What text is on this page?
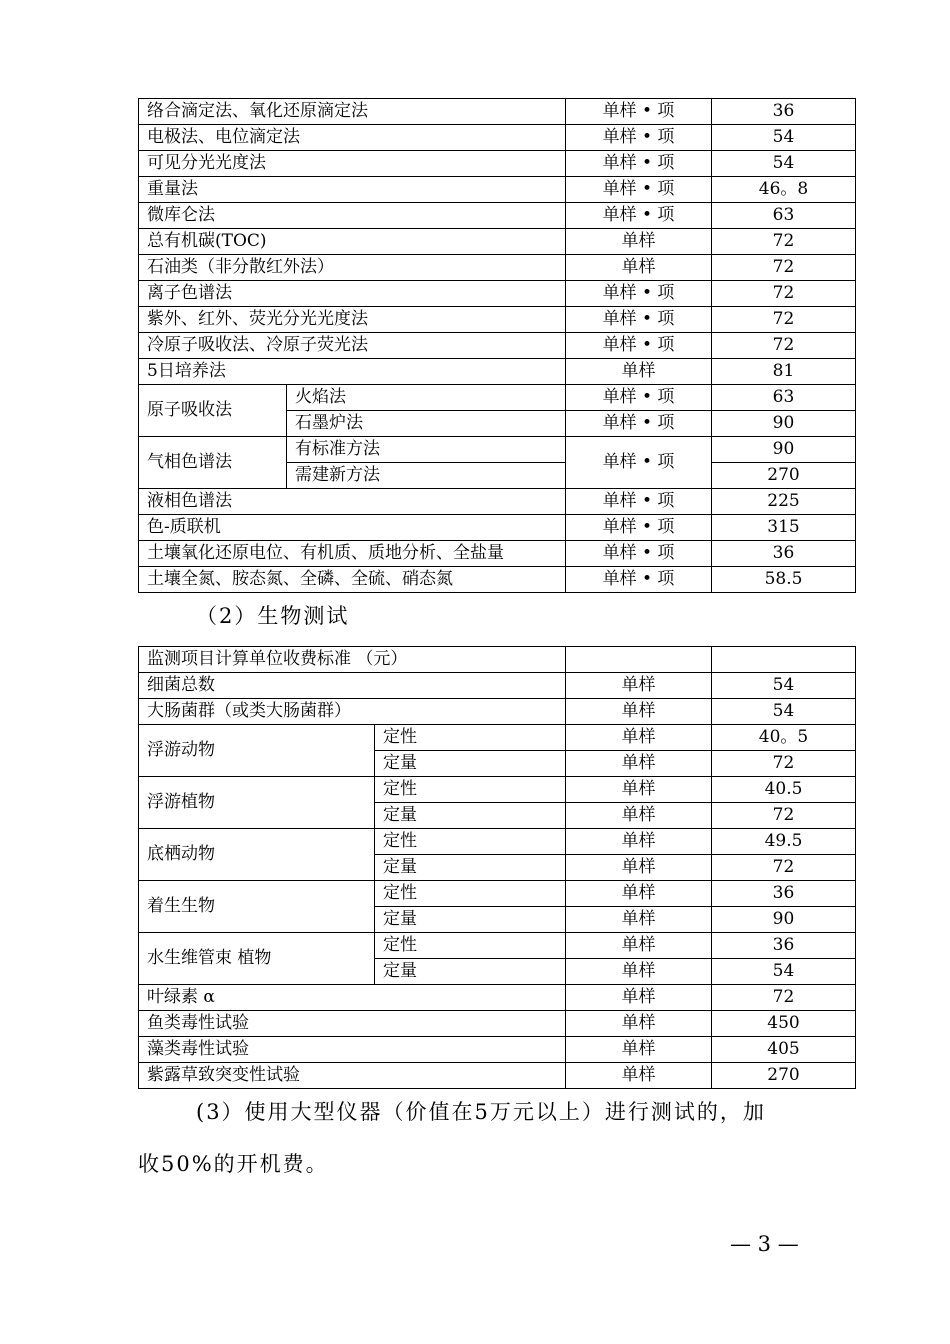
络合滴定法、氧化还原滴定法		单样 • 项	36
电极法、电位滴定法		单样 • 项	54
可见分光光度法		单样 • 项	54
重量法		单样 • 项	46。8
微库仑法		单样 • 项	63
总有机碳(TOC)		单样	72
石油类（非分散红外法）		单样	72
离子色谱法		单样 • 项	72
紫外、红外、荧光分光光度法		单样 • 项	72
冷原子吸收法、冷原子荧光法		单样 • 项	72
5日培养法		单样	81
原子吸收法	火焰法	单样 • 项	63
	石墨炉法	单样 • 项	90
气相色谱法	有标准方法	单样 • 项	90
	需建新方法		270
液相色谱法		单样 • 项	225
色-质联机		单样 • 项	315
土壤氧化还原电位、有机质、质地分析、全盐量		单样 • 项	36
土壤全氮、胺态氮、全磷、全硫、硝态氮		单样 • 项	58.5
（2）生物测试
监测项目计算单位收费标准 （元）			
细菌总数		单样	54
大肠菌群（或类大肠菌群）		单样	54
浮游动物	定性	单样	40。5
	定量	单样	72
浮游植物	定性	单样	40.5
	定量	单样	72
底栖动物	定性	单样	49.5
	定量	单样	72
着生生物	定性	单样	36
	定量	单样	90
水生维管束 植物	定性	单样	36
	定量	单样	54
叶绿素 α		单样	72
鱼类毒性试验		单样	450
藻类毒性试验		单样	405
紫露草致突变性试验		单样	270
(3）使用大型仪器（价值在5万元以上）进行测试的，加
收50%的开机费。
— 3 —
